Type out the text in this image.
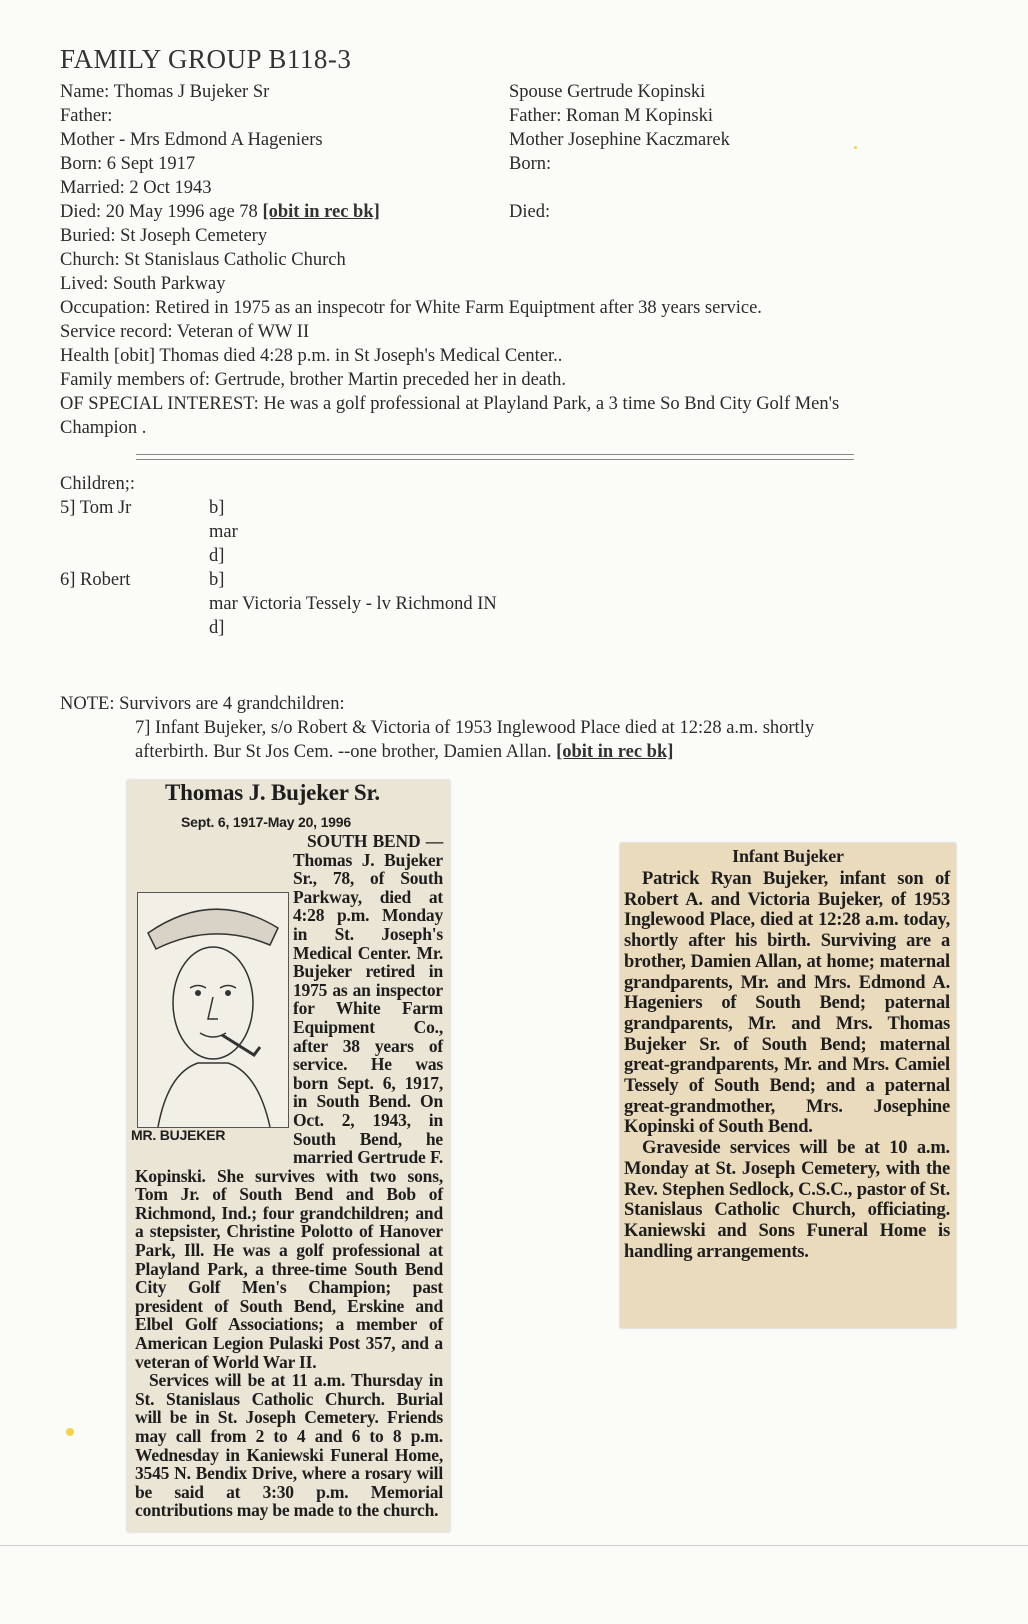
FAMILY GROUP B118-3
Name: Thomas J Bujeker Sr
Father:
Mother - Mrs Edmond A Hageniers
Born: 6 Sept 1917
Married: 2 Oct 1943
Died: 20 May 1996 age 78 [obit in rec bk]
Buried: St Joseph Cemetery
Church: St Stanislaus Catholic Church
Lived: South Parkway
Occupation: Retired in 1975 as an inspecotr for White Farm Equiptment after 38 years service.
Service record: Veteran of WW II
Health [obit] Thomas died 4:28 p.m. in St Joseph's Medical Center..
Family members of: Gertrude, brother Martin preceded her in death.
OF SPECIAL INTEREST: He was a golf professional at Playland Park, a 3 time So Bnd City Golf Men's
Champion .
Spouse Gertrude Kopinski
Father: Roman M Kopinski
Mother Josephine Kaczmarek
Born:
Died:
Children;:
5] Tom Jr	b]
mar
d]
6] Robert	b]
mar Victoria Tessely - lv Richmond IN
d]
NOTE: Survivors are 4 grandchildren:
7] Infant Bujeker, s/o Robert & Victoria of 1953 Inglewood Place died at 12:28 a.m. shortly
afterbirth. Bur St Jos Cem. --one brother, Damien Allan. [obit in rec bk]
Thomas J. Bujeker Sr.
Sept. 6, 1917-May 20, 1996

SOUTH BEND — Thomas J. Bujeker Sr., 78, of South Parkway, died at 4:28 p.m. Monday in St. Joseph's Medical Center. Mr. Bujeker retired in 1975 as an inspector for White Farm Equipment Co., after 38 years of service. He was born Sept. 6, 1917, in South Bend. On Oct. 2, 1943, in South Bend, he married Gertrude F. Kopinski. She survives with two sons, Tom Jr. of South Bend and Bob of Richmond, Ind.; four grandchildren; and a stepsister, Christine Polotto of Hanover Park, Ill. He was a golf professional at Playland Park, a three-time South Bend City Golf Men's Champion; past president of South Bend, Erskine and Elbel Golf Associations; a member of American Legion Pulaski Post 357, and a veteran of World War II.

Services will be at 11 a.m. Thursday in St. Stanislaus Catholic Church. Burial will be in St. Joseph Cemetery. Friends may call from 2 to 4 and 6 to 8 p.m. Wednesday in Kaniewski Funeral Home, 3545 N. Bendix Drive, where a rosary will be said at 3:30 p.m. Memorial contributions may be made to the church.

MR. BUJEKER
Infant Bujeker

Patrick Ryan Bujeker, infant son of Robert A. and Victoria Bujeker, of 1953 Inglewood Place, died at 12:28 a.m. today, shortly after his birth. Surviving are a brother, Damien Allan, at home; maternal grandparents, Mr. and Mrs. Edmond A. Hageniers of South Bend; paternal grandparents, Mr. and Mrs. Thomas Bujeker Sr. of South Bend; maternal great-grandparents, Mr. and Mrs. Camiel Tessely of South Bend; and a paternal great-grandmother, Mrs. Josephine Kopinski of South Bend.

Graveside services will be at 10 a.m. Monday at St. Joseph Cemetery, with the Rev. Stephen Sedlock, C.S.C., pastor of St. Stanislaus Catholic Church, officiating. Kaniewski and Sons Funeral Home is handling arrangements.
